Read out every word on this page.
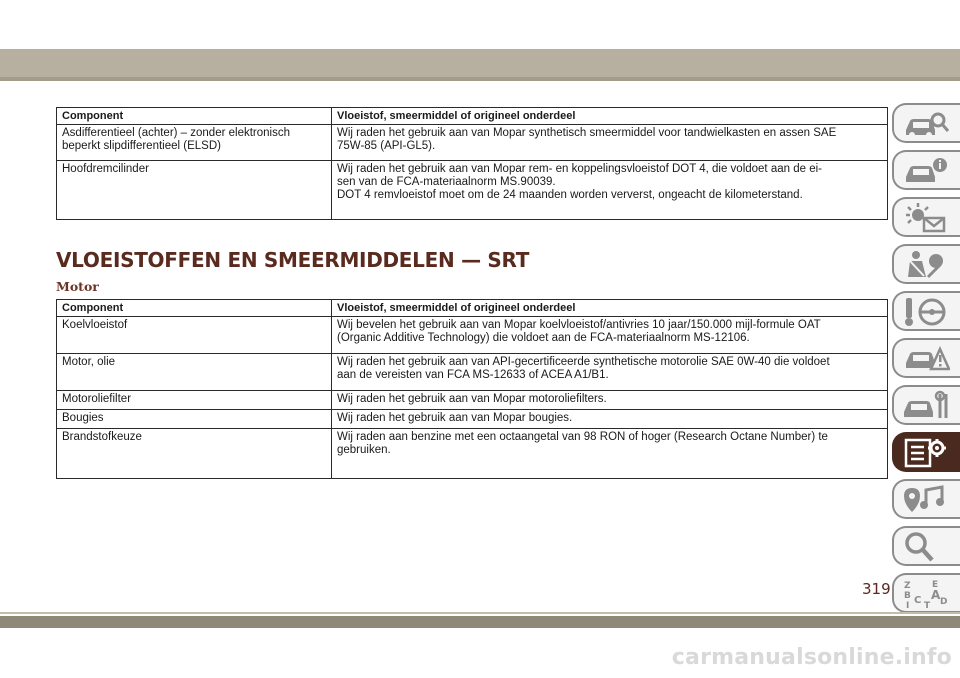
Component	Vloeistof, smeermiddel of origineel onderdeel
Asdifferentieel (achter) – zonder elektronisch
beperkt slipdifferentieel (ELSD)	Wij raden het gebruik aan van Mopar synthetisch smeermiddel voor tandwielkasten en assen SAE
75W-85 (API-GL5).
Hoofdremcilinder	Wij raden het gebruik aan van Mopar rem- en koppelingsvloeistof DOT 4, die voldoet aan de ei-
sen van de FCA-materiaalnorm MS.90039.
DOT 4 remvloeistof moet om de 24 maanden worden ververst, ongeacht de kilometerstand.
VLOEISTOFFEN EN SMEERMIDDELEN — SRT
Motor
Component	Vloeistof, smeermiddel of origineel onderdeel
Koelvloeistof	Wij bevelen het gebruik aan van Mopar koelvloeistof/antivries 10 jaar/150.000 mijl-formule OAT
(Organic Additive Technology) die voldoet aan de FCA-materiaalnorm MS-12106.
Motor, olie	Wij raden het gebruik aan van API-gecertificeerde synthetische motorolie SAE 0W-40 die voldoet
aan de vereisten van FCA MS-12633 of ACEA A1/B1.
Motoroliefilter	Wij raden het gebruik aan van Mopar motoroliefilters.
Bougies	Wij raden het gebruik aan van Mopar bougies.
Brandstofkeuze	Wij raden aan benzine met een octaangetal van 98 RON of hoger (Research Octane Number) te
gebruiken.
Z E
B A
C D
T
I
319
carmanualsonline.info
